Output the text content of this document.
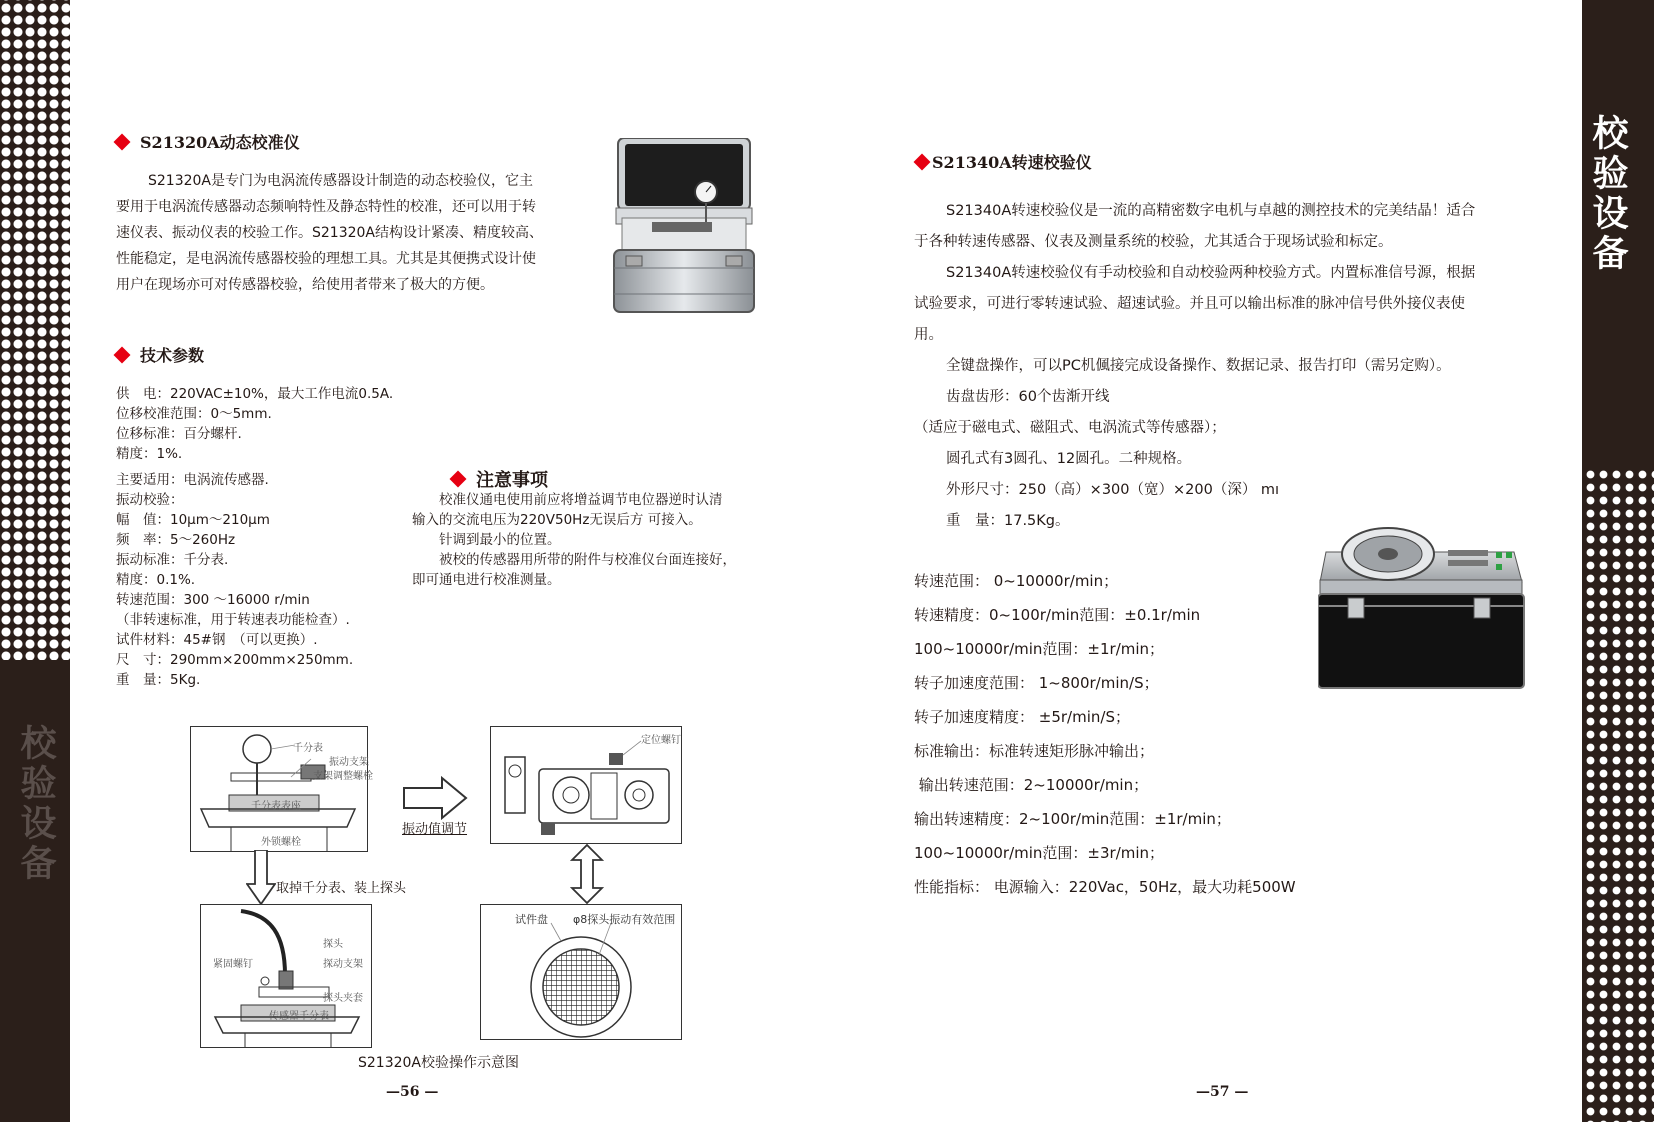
校验设备
校验设备
S21320A动态校准仪
S21320A是专门为电涡流传感器设计制造的动态校验仪，它主
要用于电涡流传感器动态频响特性及静态特性的校准，还可以用于转
速仪表、振动仪表的校验工作。S21320A结构设计紧凑、精度较高、
性能稳定，是电涡流传感器校验的理想工具。尤其是其便携式设计使
用户在现场亦可对传感器校验，给使用者带来了极大的方便。
技术参数
供　电：220VAC±10%，最大工作电流0.5A.
位移校准范围：0～5mm.
位移标准：百分螺杆.
精度：1%.
主要适用：电涡流传感器.
振动校验：
幅　值：10μm～210μm
频　率：5～260Hz
振动标准：千分表.
精度：0.1%.
转速范围：300 ～16000 r/min
（非转速标准，用于转速表功能检查）.
试件材料：45#钢　（可以更换）.
尺　寸：290mm×200mm×250mm.
重　量：5Kg.
注意事项
　　校准仪通电使用前应将增益调节电位器逆时认清
输入的交流电压为220V50Hz无误后方 可接入。
　　针调到最小的位置。
　　被校的传感器用所带的附件与校准仪台面连接好，
即可通电进行校准测量。
千分表
振动支架
支架调整螺栓
千分表表座
外锁螺栓
振动值调节
定位螺钉
取掉千分表、装上探头
紧固螺钉
探头
探动支架
探头夹套
传感器千分表
试件盘 φ8探头振动有效范围
S21320A校验操作示意图
—56 —
S21340A转速校验仪
S21340A转速校验仪是一流的高精密数字电机与卓越的测控技术的完美结晶！适合
于各种转速传感器、仪表及测量系统的校验，尤其适合于现场试验和标定。
S21340A转速校验仪有手动校验和自动校验两种校验方式。内置标准信号源，根据
试验要求，可进行零转速试验、超速试验。并且可以输出标准的脉冲信号供外接仪表使
用。
全键盘操作，可以PC机偑接完成设备操作、数据记录、报告打印（需另定购）。
齿盘齿形：60个齿渐开线
（适应于磁电式、磁阻式、电涡流式等传感器）；
圆孔式有3圆孔、12圆孔。二种规格。
外形尺寸：250（高）×300（宽）×200（深） mı
重　量：17.5Kg。
转速范围： 0~10000r/min；
转速精度：0~100r/min范围：±0.1r/min
100~10000r/min范围：±1r/min；
转子加速度范围： 1~800r/min/S；
转子加速度精度： ±5r/min/S；
标准输出：标准转速矩形脉冲输出；
输出转速范围：2~10000r/min；
输出转速精度：2~100r/min范围：±1r/min；
100~10000r/min范围：±3r/min；
性能指标： 电源输入：220Vac，50Hz，最大功耗500W
—57 —
